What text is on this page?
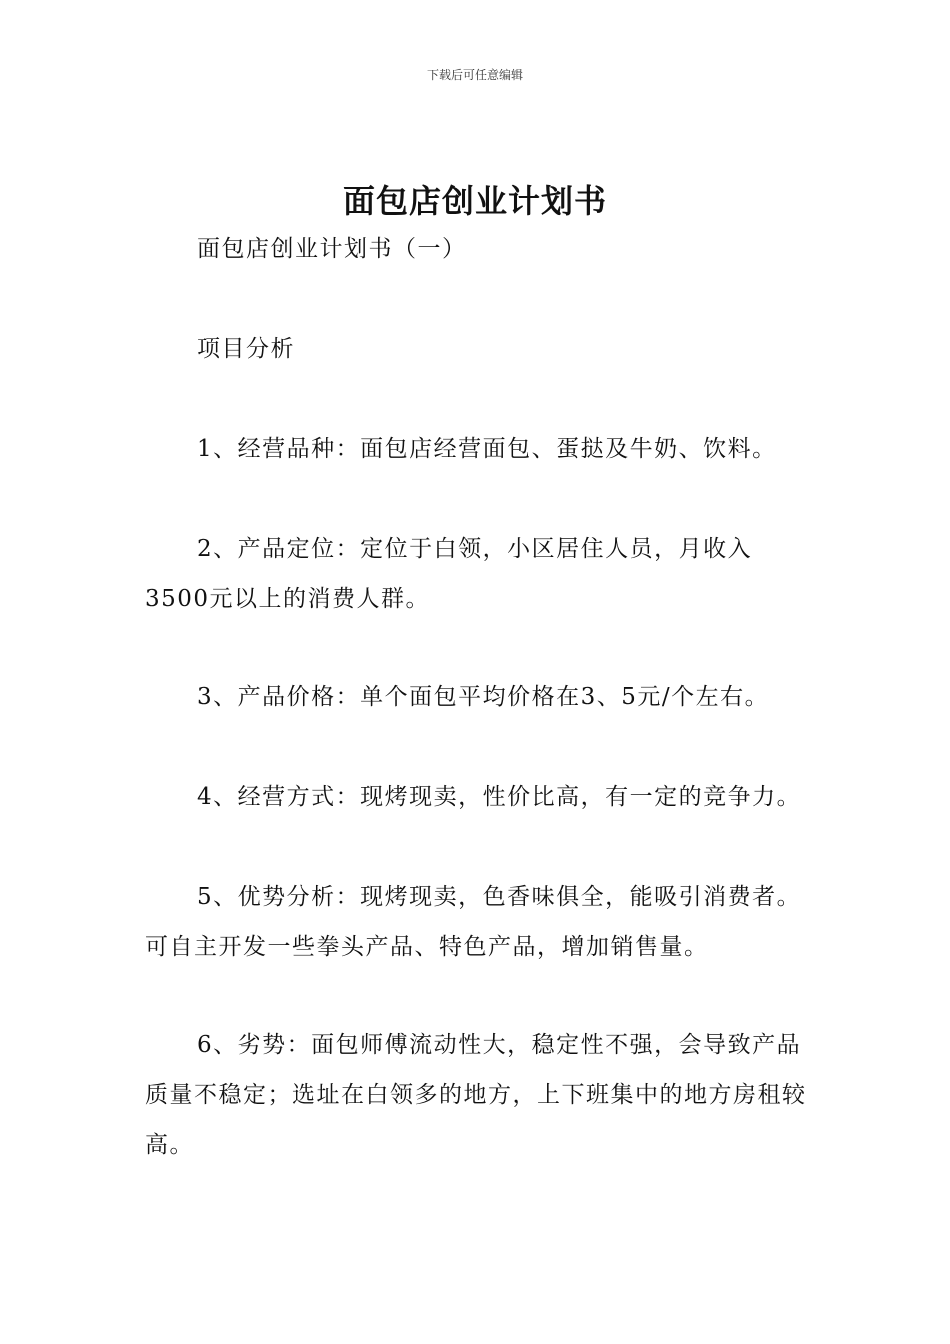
下载后可任意编辑
面包店创业计划书

面包店创业计划书（一）

项目分析

1、经营品种：面包店经营面包、蛋挞及牛奶、饮料。

2、产品定位：定位于白领，小区居住人员，月收入3500元以上的消费人群。

3、产品价格：单个面包平均价格在3、5元/个左右。

4、经营方式：现烤现卖，性价比高，有一定的竞争力。

5、优势分析：现烤现卖，色香味俱全，能吸引消费者。可自主开发一些拳头产品、特色产品，增加销售量。

6、劣势：面包师傅流动性大，稳定性不强，会导致产品质量不稳定；选址在白领多的地方，上下班集中的地方房租较高。
